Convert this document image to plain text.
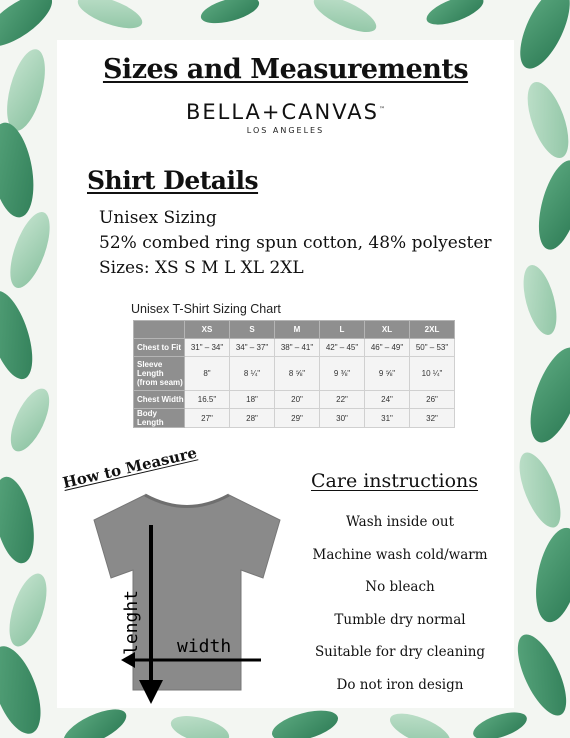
Sizes and Measurements
BELLA+CANVAS™
LOS ANGELES
Shirt Details
Unisex Sizing
52% combed ring spun cotton, 48% polyester
Sizes: XS S M L XL 2XL
Unisex T-Shirt Sizing Chart
	XS	S	M	L	XL	2XL
Chest to Fit	31" – 34"	34" – 37"	38" – 41"	42" – 45"	46" – 49"	50" – 53"
Sleeve Length (from seam)	8"	8 ¼"	8 ⅝"	9 ⅜"	9 ⅝"	10 ¼"
Chest Width	16.5"	18"	20"	22"	24"	26"
Body Length	27"	28"	29"	30"	31"	32"
How to Measure
lenght width
Care instructions
Wash inside out
Machine wash cold/warm
No bleach
Tumble dry normal
Suitable for dry cleaning
Do not iron design
